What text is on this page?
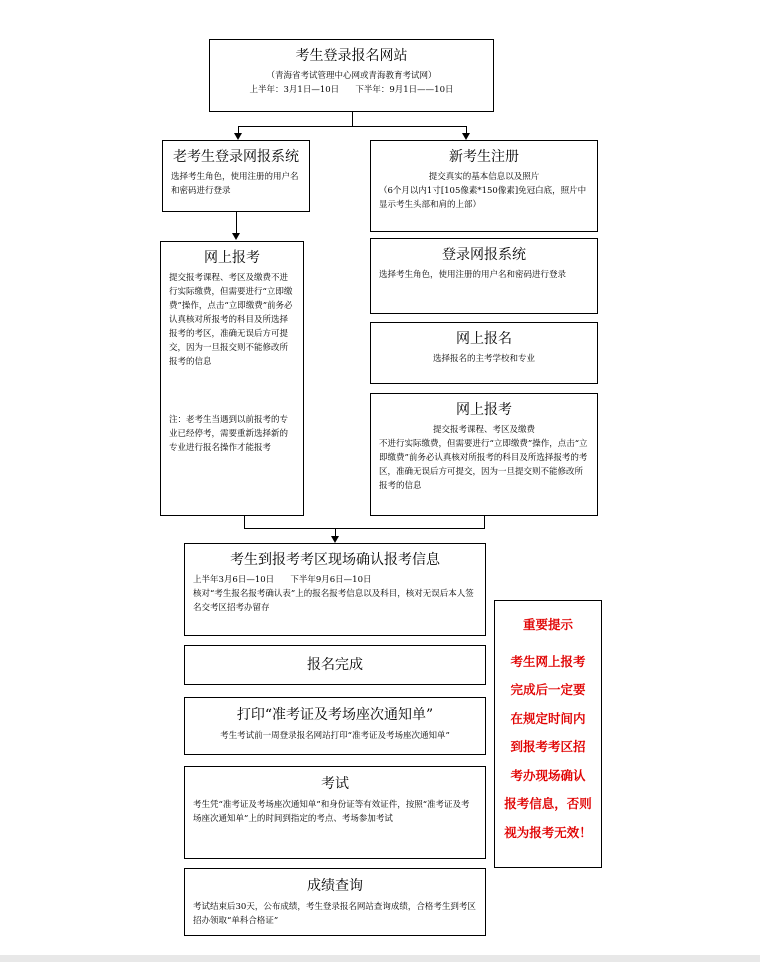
考生登录报名网站
（青海省考试管理中心网或青海教育考试网）
上半年：3月1日—10日      下半年：9月1日——10日
老考生登录网报系统
选择考生角色，使用注册的用户名和密码进行登录
网上报考
提交报考课程、考区及缴费不进行实际缴费，但需要进行“立即缴费”操作，点击“立即缴费”前务必认真核对所报考的科目及所选择报考的考区，准确无误后方可提交，因为一旦报交则不能修改所报考的信息
注：老考生当遇到以前报考的专业已经停考，需要重新选择新的专业进行报名操作才能报考
新考生注册
提交真实的基本信息以及照片
（6个月以内1寸[105像素*150像素]免冠白底，照片中显示考生头部和肩的上部）
登录网报系统
选择考生角色，使用注册的用户名和密码进行登录
网上报名
选择报名的主考学校和专业
网上报考
提交报考课程、考区及缴费
不进行实际缴费，但需要进行“立即缴费”操作，点击“立即缴费”前务必认真核对所报考的科目及所选择报考的考区，准确无误后方可提交，因为一旦提交则不能修改所报考的信息
考生到报考考区现场确认报考信息
上半年3月6日—10日      下半年9月6日—10日
核对“考生报名报考确认表”上的报名报考信息以及科目，核对无误后本人签名交考区招考办留存
报名完成
打印“准考证及考场座次通知单”
考生考试前一周登录报名网站打印“准考证及考场座次通知单”
考试
考生凭“准考证及考场座次通知单”和身份证等有效证件，按照“准考证及考场座次通知单”上的时间到指定的考点、考场参加考试
成绩查询
考试结束后30天，公布成绩，考生登录报名网站查询成绩，合格考生到考区招办领取“单科合格证”
重要提示
考生网上报考
完成后一定要
在规定时间内
到报考考区招
考办现场确认
报考信息，否则
视为报考无效！
